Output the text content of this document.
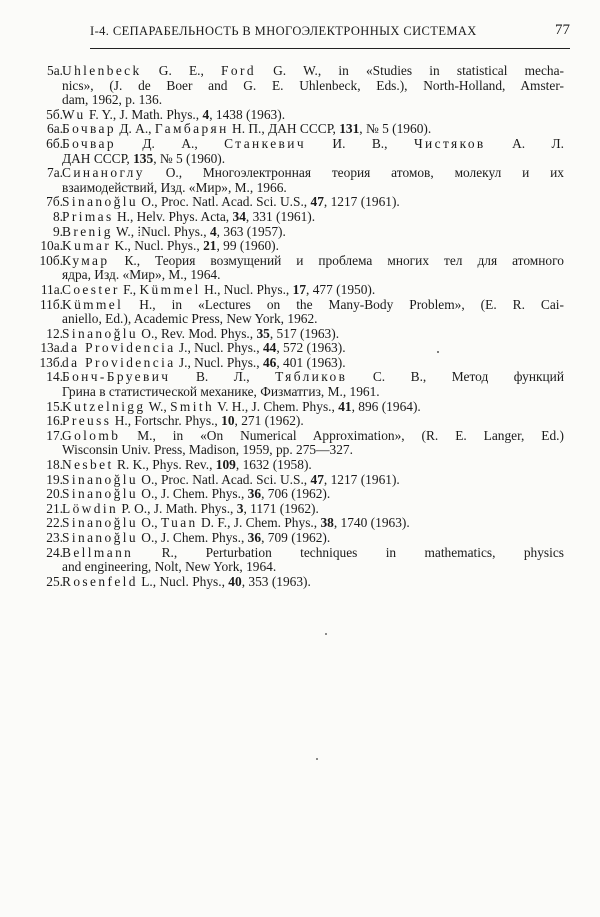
I-4. СЕПАРАБЕЛЬНОСТЬ В МНОГОЭЛЕКТРОННЫХ СИСТЕМАХ	77
5а. Uhlenbeck G. E., Ford G. W., in «Studies in statistical mecha-
nics», (J. de Boer and G. E. Uhlenbeck, Eds.), North-Holland, Amster-
dam, 1962, p. 136.
5б. Wu F. Y., J. Math. Phys., 4, 1438 (1963).
6а. Бочвар Д. А., Гамбарян Н. П., ДАН СССР, 131, № 5 (1960).
6б. Бочвар Д. А., Станкевич И. В., Чистяков А. Л.
ДАН СССР, 135, № 5 (1960).
7а. Синаноглу О., Многоэлектронная теория атомов, молекул и их
взаимодействий, Изд. «Мир», М., 1966.
7б. Sinanoğlu O., Proc. Natl. Acad. Sci. U.S., 47, 1217 (1961).
8. Primas H., Helv. Phys. Acta, 34, 331 (1961).
9. Brenig W., ⁞Nucl. Phys., 4, 363 (1957).
10а. Kumar K., Nucl. Phys., 21, 99 (1960).
10б. Кумар К., Теория возмущений и проблема многих тел для атомного
ядра, Изд. «Мир», М., 1964.
11а. Coester F., Kümmel H., Nucl. Phys., 17, 477 (1950).
11б. Kümmel H., in «Lectures on the Many-Body Problem», (E. R. Cai-
aniello, Ed.), Academic Press, New York, 1962.
12. Sinanoğlu O., Rev. Mod. Phys., 35, 517 (1963).
13а. da Providencia J., Nucl. Phys., 44, 572 (1963).
13б. da Providencia J., Nucl. Phys., 46, 401 (1963).
14. Бонч-Бруевич В. Л., Тябликов С. В., Метод функций
Грина в статистической механике, Физматгиз, М., 1961.
15. Kutzelnigg W., Smith V. H., J. Chem. Phys., 41, 896 (1964).
16. Preuss H., Fortschr. Phys., 10, 271 (1962).
17. Golomb M., in «On Numerical Approximation», (R. E. Langer, Ed.)
Wisconsin Univ. Press, Madison, 1959, pp. 275—327.
18. Nesbet R. K., Phys. Rev., 109, 1632 (1958).
19. Sinanoğlu O., Proc. Natl. Acad. Sci. U.S., 47, 1217 (1961).
20. Sinanoğlu O., J. Chem. Phys., 36, 706 (1962).
21. Löwdin P. O., J. Math. Phys., 3, 1171 (1962).
22. Sinanoğlu O., Tuan D. F., J. Chem. Phys., 38, 1740 (1963).
23. Sinanoğlu O., J. Chem. Phys., 36, 709 (1962).
24. Bellmann R., Perturbation techniques in mathematics, physics
and engineering, Nolt, New York, 1964.
25. Rosenfeld L., Nucl. Phys., 40, 353 (1963).
